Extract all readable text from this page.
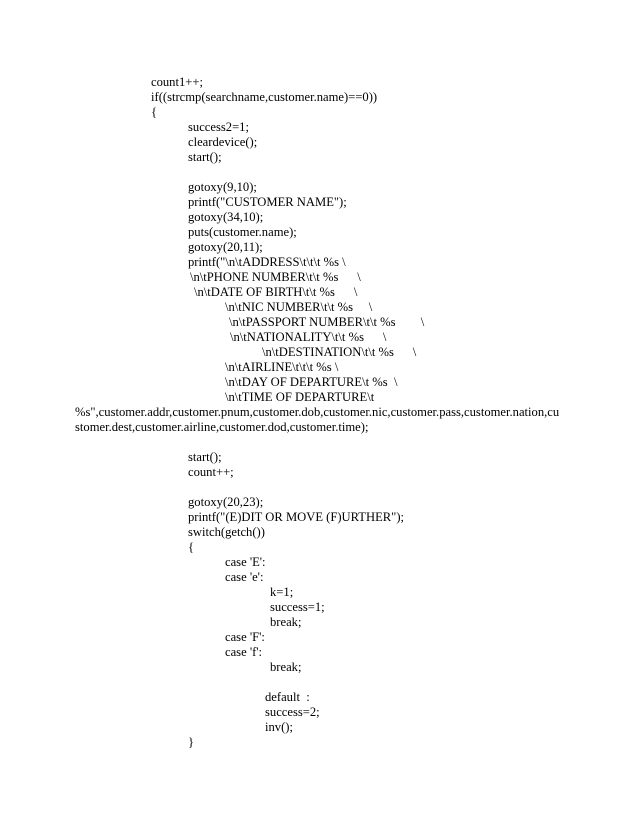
count1++;

if((strcmp(searchname,customer.name)==0))

{

success2=1;

cleardevice();

start();

gotoxy(9,10);

printf("CUSTOMER NAME");

gotoxy(34,10);

puts(customer.name);

gotoxy(20,11);

printf("\n\tADDRESS\t\t\t %s \

\n\tPHONE NUMBER\t\t %s      \

\n\tDATE OF BIRTH\t\t %s      \

\n\tNIC NUMBER\t\t %s     \

\n\tPASSPORT NUMBER\t\t %s        \

\n\tNATIONALITY\t\t %s      \

\n\tDESTINATION\t\t %s      \

\n\tAIRLINE\t\t\t %s \

\n\tDAY OF DEPARTURE\t %s  \

\n\tTIME OF DEPARTURE\t

%s",customer.addr,customer.pnum,customer.dob,customer.nic,customer.pass,customer.nation,cu

stomer.dest,customer.airline,customer.dod,customer.time);

start();

count++;

gotoxy(20,23);

printf("(E)DIT OR MOVE (F)URTHER");

switch(getch())

{

case 'E':

case 'e':

k=1;

success=1;

break;

case 'F':

case 'f':

break;

default  :

success=2;

inv();

}
